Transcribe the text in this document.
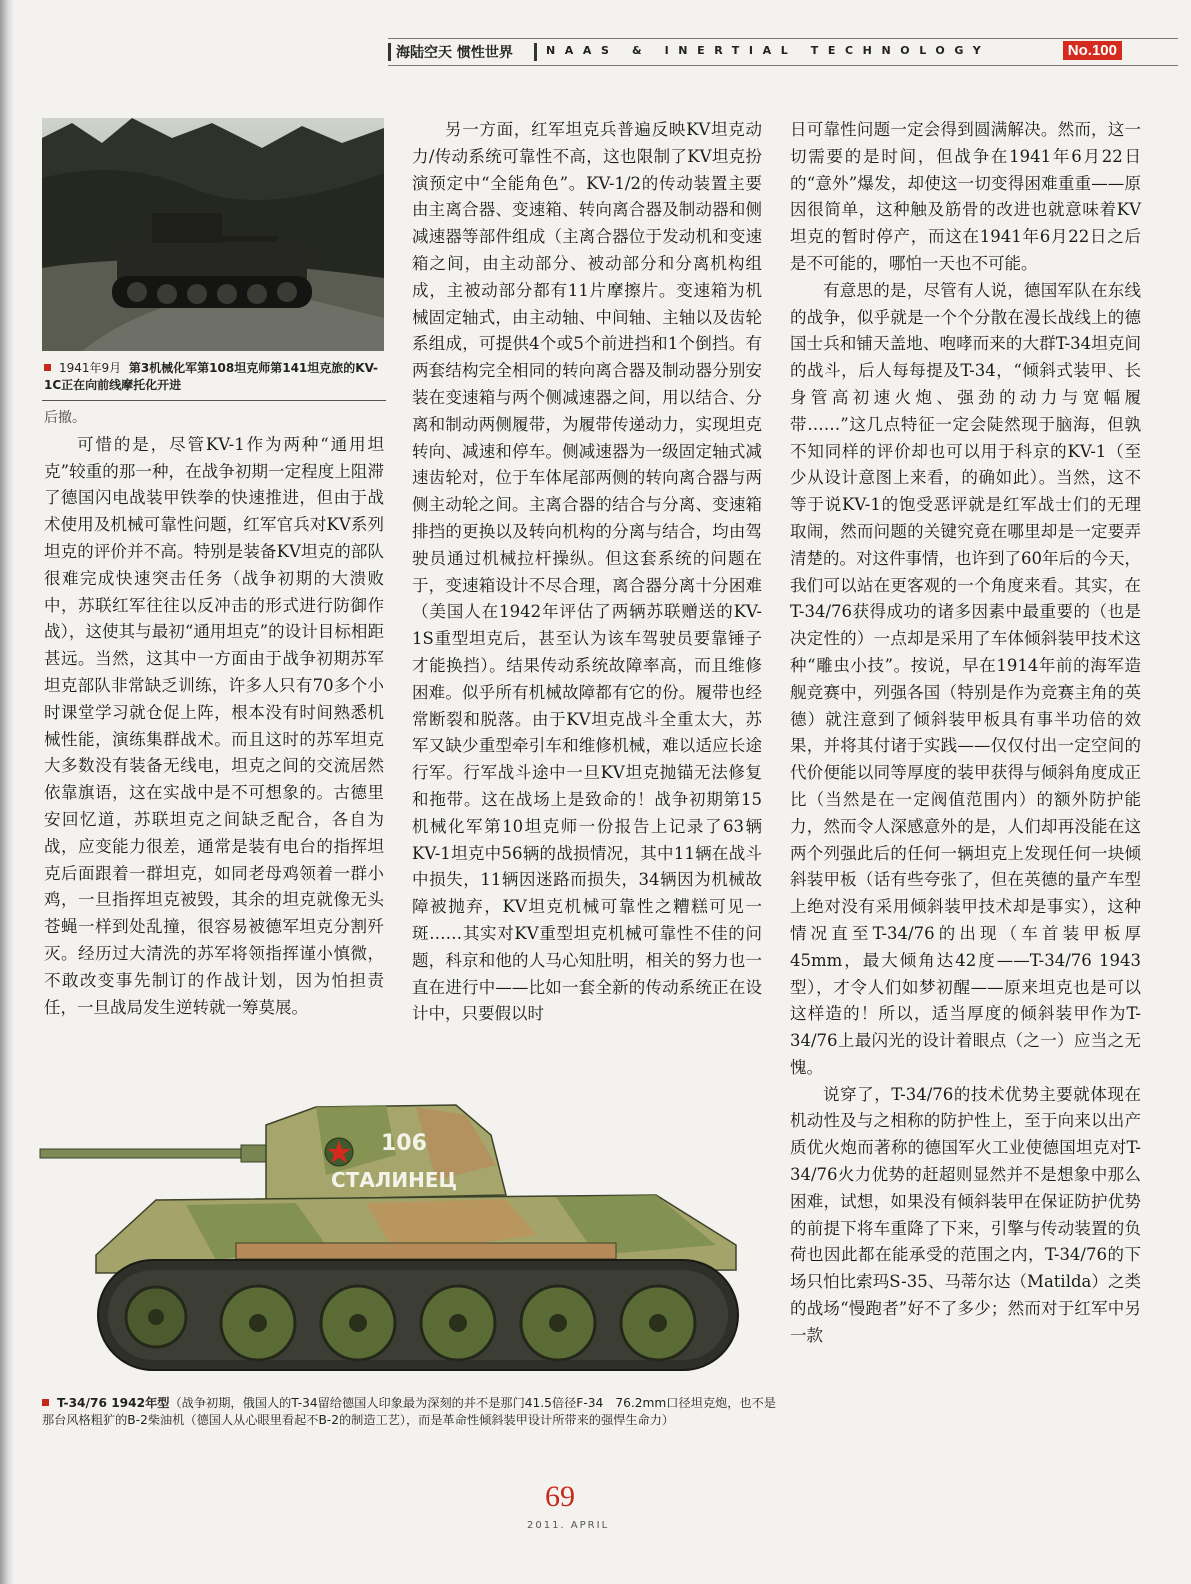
海陆空天 惯性世界	NAAS & INERTIAL TECHNOLOGY	No.100
1941年9月 第3机械化军第108坦克师第141坦克旅的KV-1C正在向前线摩托化开进

后撤。

可惜的是，尽管KV-1作为两种“通用坦克”较重的那一种，在战争初期一定程度上阻滞了德国闪电战装甲铁拳的快速推进，但由于战术使用及机械可靠性问题，红军官兵对KV系列坦克的评价并不高。特别是装备KV坦克的部队很难完成快速突击任务（战争初期的大溃败中，苏联红军往往以反冲击的形式进行防御作战），这使其与最初“通用坦克”的设计目标相距甚远。当然，这其中一方面由于战争初期苏军坦克部队非常缺乏训练，许多人只有70多个小时课堂学习就仓促上阵，根本没有时间熟悉机械性能，演练集群战术。而且这时的苏军坦克大多数没有装备无线电，坦克之间的交流居然依靠旗语，这在实战中是不可想象的。古德里安回忆道，苏联坦克之间缺乏配合，各自为战，应变能力很差，通常是装有电台的指挥坦克后面跟着一群坦克，如同老母鸡领着一群小鸡，一旦指挥坦克被毁，其余的坦克就像无头苍蝇一样到处乱撞，很容易被德军坦克分割歼灭。经历过大清洗的苏军将领指挥谨小慎微，不敢改变事先制订的作战计划，因为怕担责任，一旦战局发生逆转就一筹莫展。

另一方面，红军坦克兵普遍反映KV坦克动力/传动系统可靠性不高，这也限制了KV坦克扮演预定中“全能角色”。KV-1/2的传动装置主要由主离合器、变速箱、转向离合器及制动器和侧减速器等部件组成（主离合器位于发动机和变速箱之间，由主动部分、被动部分和分离机构组成，主被动部分都有11片摩擦片。变速箱为机械固定轴式，由主动轴、中间轴、主轴以及齿轮系组成，可提供4个或5个前进挡和1个倒挡。有两套结构完全相同的转向离合器及制动器分别安装在变速箱与两个侧减速器之间，用以结合、分离和制动两侧履带，为履带传递动力，实现坦克转向、减速和停车。侧减速器为一级固定轴式减速齿轮对，位于车体尾部两侧的转向离合器与两侧主动轮之间。主离合器的结合与分离、变速箱排挡的更换以及转向机构的分离与结合，均由驾驶员通过机械拉杆操纵。但这套系统的问题在于，变速箱设计不尽合理，离合器分离十分困难（美国人在1942年评估了两辆苏联赠送的KV-1S重型坦克后，甚至认为该车驾驶员要靠锤子才能换挡）。结果传动系统故障率高，而且维修困难。似乎所有机械故障都有它的份。履带也经常断裂和脱落。由于KV坦克战斗全重太大，苏军又缺少重型牵引车和维修机械，难以适应长途行军。行军战斗途中一旦KV坦克抛锚无法修复和拖带。这在战场上是致命的！战争初期第15机械化军第10坦克师一份报告上记录了63辆KV-1坦克中56辆的战损情况，其中11辆在战斗中损失，11辆因迷路而损失，34辆因为机械故障被抛弃，KV坦克机械可靠性之糟糕可见一斑……其实对KV重型坦克机械可靠性不佳的问题，科京和他的人马心知肚明，相关的努力也一直在进行中——比如一套全新的传动系统正在设计中，只要假以时

日可靠性问题一定会得到圆满解决。然而，这一切需要的是时间，但战争在1941年6月22日的“意外”爆发，却使这一切变得困难重重——原因很简单，这种触及筋骨的改进也就意味着KV坦克的暂时停产，而这在1941年6月22日之后是不可能的，哪怕一天也不可能。

有意思的是，尽管有人说，德国军队在东线的战争，似乎就是一个个分散在漫长战线上的德国士兵和铺天盖地、咆哮而来的大群T-34坦克间的战斗，后人每每提及T-34，“倾斜式装甲、长身管高初速火炮、强劲的动力与宽幅履带……”这几点特征一定会陡然现于脑海，但孰不知同样的评价却也可以用于科京的KV-1（至少从设计意图上来看，的确如此）。当然，这不等于说KV-1的饱受恶评就是红军战士们的无理取闹，然而问题的关键究竟在哪里却是一定要弄清楚的。对这件事情，也许到了60年后的今天，我们可以站在更客观的一个角度来看。其实，在T-34/76获得成功的诸多因素中最重要的（也是决定性的）一点却是采用了车体倾斜装甲技术这种“雕虫小技”。按说，早在1914年前的海军造舰竞赛中，列强各国（特别是作为竞赛主角的英德）就注意到了倾斜装甲板具有事半功倍的效果，并将其付诸于实践——仅仅付出一定空间的代价便能以同等厚度的装甲获得与倾斜角度成正比（当然是在一定阀值范围内）的额外防护能力，然而令人深感意外的是，人们却再没能在这两个列强此后的任何一辆坦克上发现任何一块倾斜装甲板（话有些夸张了，但在英德的量产车型上绝对没有采用倾斜装甲技术却是事实），这种情况直至T-34/76的出现（车首装甲板厚45mm，最大倾角达42度——T-34/76 1943型），才令人们如梦初醒——原来坦克也是可以这样造的！所以，适当厚度的倾斜装甲作为T-34/76上最闪光的设计着眼点（之一）应当之无愧。

说穿了，T-34/76的技术优势主要就体现在机动性及与之相称的防护性上，至于向来以出产质优火炮而著称的德国军火工业使德国坦克对T-34/76火力优势的赶超则显然并不是想象中那么困难，试想，如果没有倾斜装甲在保证防护优势的前提下将车重降了下来，引擎与传动装置的负荷也因此都在能承受的范围之内，T-34/76的下场只怕比索玛S-35、马蒂尔达（Matilda）之类的战场“慢跑者”好不了多少；然而对于红军中另一款

106
СТАЛИНЕЦ
T-34/76 1942年型（战争初期，俄国人的T-34留给德国人印象最为深刻的并不是那门41.5倍径F-34　76.2mm口径坦克炮，也不是那台风格粗犷的B-2柴油机（德国人从心眼里看起不B-2的制造工艺），而是革命性倾斜装甲设计所带来的强悍生命力）
69
2011. APRIL
